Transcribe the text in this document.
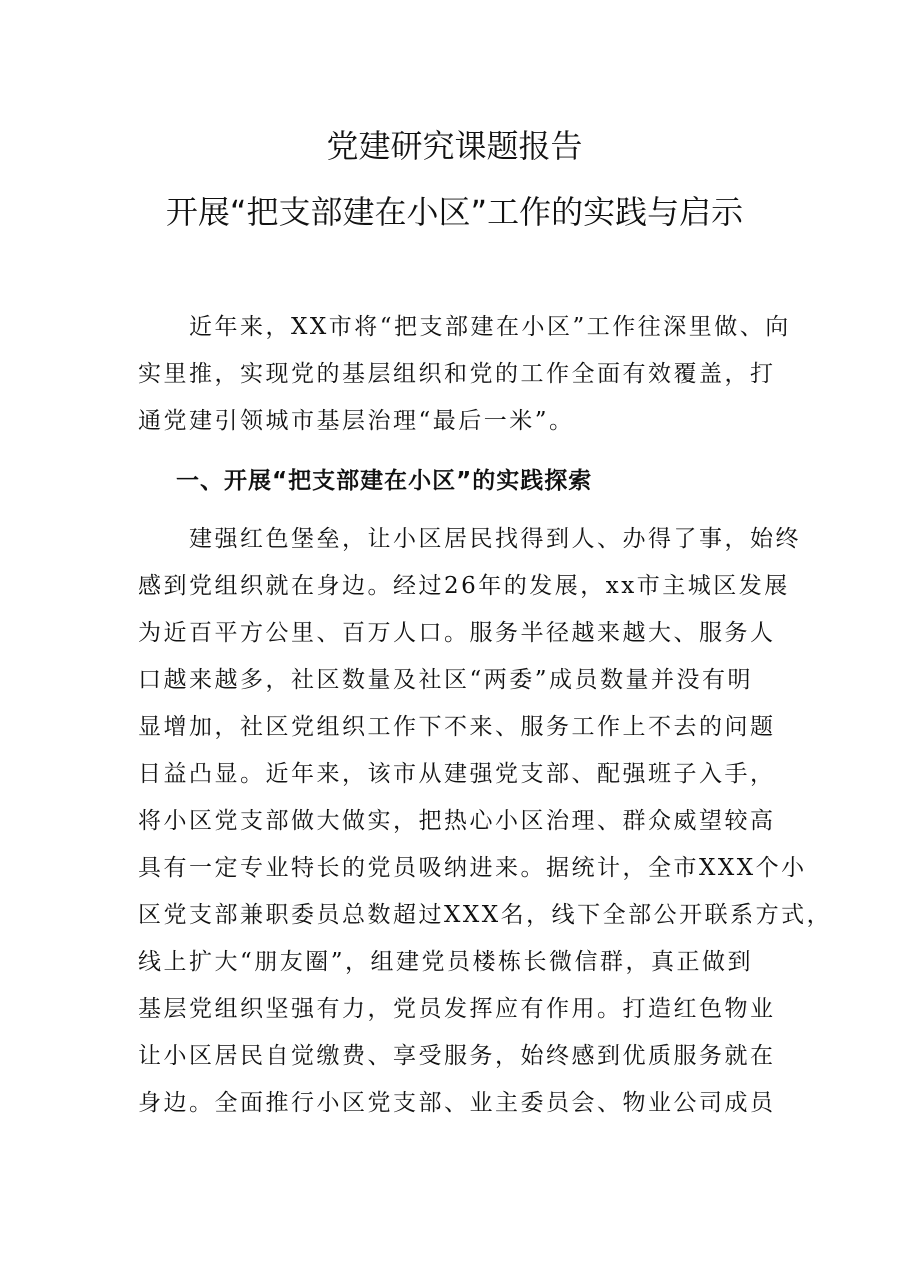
党建研究课题报告
开展“把支部建在小区”工作的实践与启示
　　近年来，XX市将“把支部建在小区”工作往深里做、向
实里推，实现党的基层组织和党的工作全面有效覆盖，打
通党建引领城市基层治理“最后一米”。
一、开展“把支部建在小区”的实践探索
　　建强红色堡垒，让小区居民找得到人、办得了事，始终
感到党组织就在身边。经过26年的发展，xx市主城区发展
为近百平方公里、百万人口。服务半径越来越大、服务人
口越来越多，社区数量及社区“两委”成员数量并没有明
显增加，社区党组织工作下不来、服务工作上不去的问题
日益凸显。近年来，该市从建强党支部、配强班子入手，
将小区党支部做大做实，把热心小区治理、群众威望较高
具有一定专业特长的党员吸纳进来。据统计，全市XXX个小
区党支部兼职委员总数超过XXX名，线下全部公开联系方式，
线上扩大“朋友圈”，组建党员楼栋长微信群，真正做到
基层党组织坚强有力，党员发挥应有作用。打造红色物业
让小区居民自觉缴费、享受服务，始终感到优质服务就在
身边。全面推行小区党支部、业主委员会、物业公司成员
